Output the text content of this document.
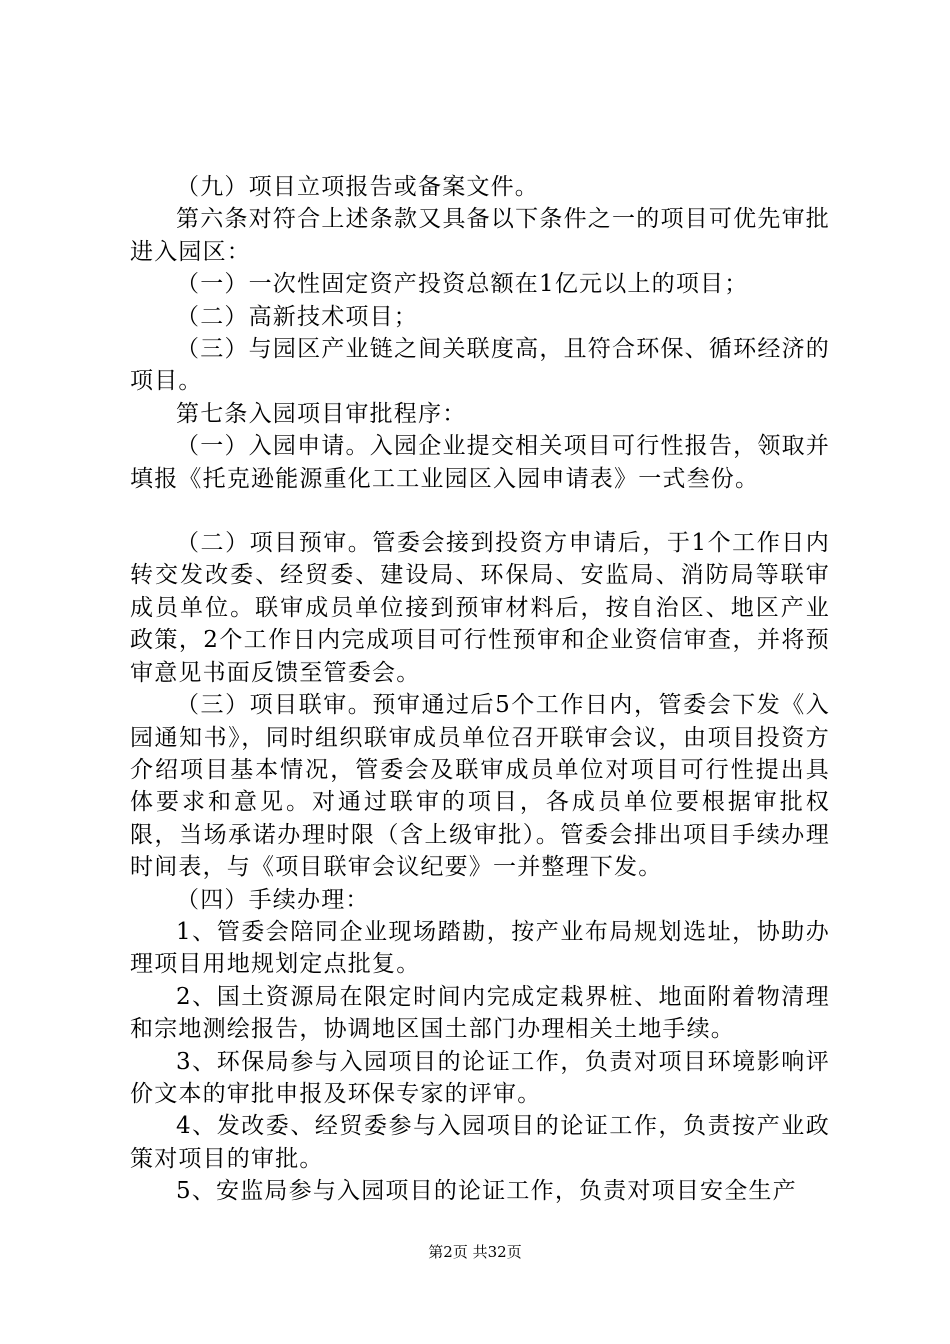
（九）项目立项报告或备案文件。

第六条对符合上述条款又具备以下条件之一的项目可优先审批进入园区：

（一）一次性固定资产投资总额在1亿元以上的项目；

（二）高新技术项目；

（三）与园区产业链之间关联度高，且符合环保、循环经济的项目。

第七条入园项目审批程序：

（一）入园申请。入园企业提交相关项目可行性报告，领取并填报《托克逊能源重化工工业园区入园申请表》一式叁份。

（二）项目预审。管委会接到投资方申请后，于1个工作日内转交发改委、经贸委、建设局、环保局、安监局、消防局等联审成员单位。联审成员单位接到预审材料后，按自治区、地区产业政策，2个工作日内完成项目可行性预审和企业资信审查，并将预审意见书面反馈至管委会。

（三）项目联审。预审通过后5个工作日内，管委会下发《入园通知书》，同时组织联审成员单位召开联审会议，由项目投资方介绍项目基本情况，管委会及联审成员单位对项目可行性提出具体要求和意见。对通过联审的项目，各成员单位要根据审批权限，当场承诺办理时限（含上级审批）。管委会排出项目手续办理时间表，与《项目联审会议纪要》一并整理下发。

（四）手续办理：

1、管委会陪同企业现场踏勘，按产业布局规划选址，协助办理项目用地规划定点批复。

2、国土资源局在限定时间内完成定栽界桩、地面附着物清理和宗地测绘报告，协调地区国土部门办理相关土地手续。

3、环保局参与入园项目的论证工作，负责对项目环境影响评价文本的审批申报及环保专家的评审。

4、发改委、经贸委参与入园项目的论证工作，负责按产业政策对项目的审批。

5、安监局参与入园项目的论证工作，负责对项目安全生产

第2页 共32页
